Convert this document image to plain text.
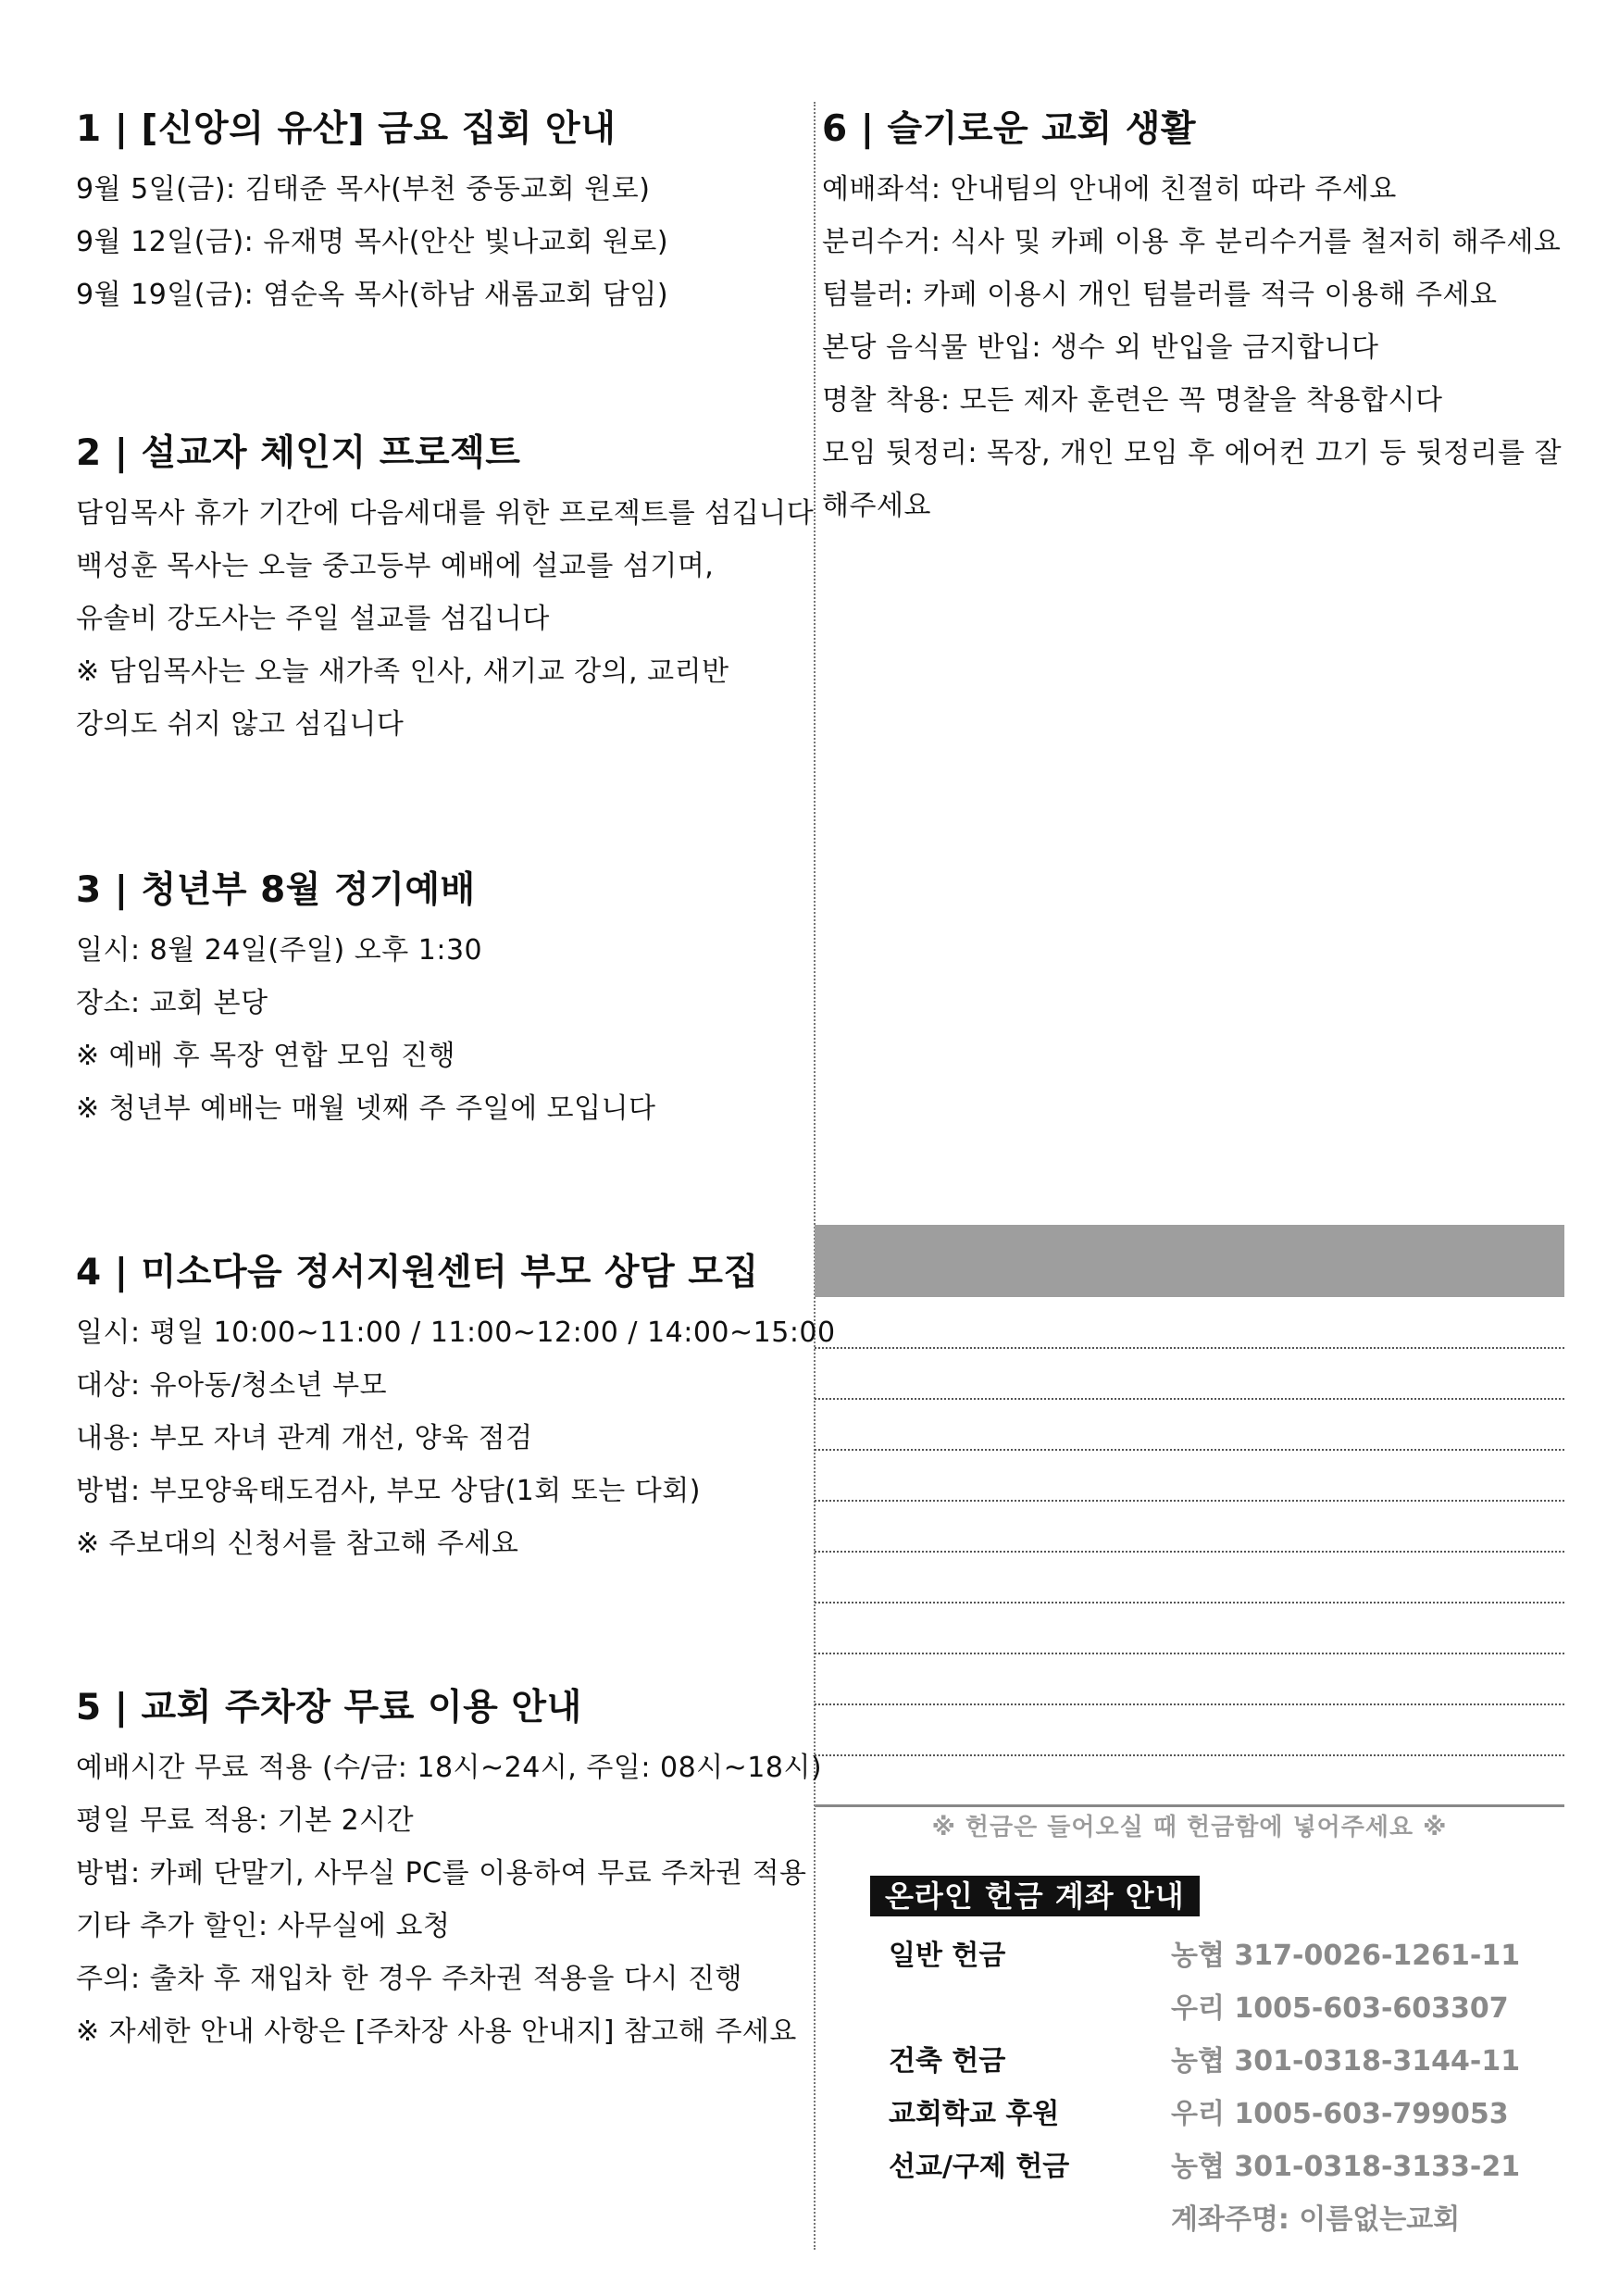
1 | [신앙의 유산] 금요 집회 안내
9월 5일(금): 김태준 목사(부천 중동교회 원로)
9월 12일(금): 유재명 목사(안산 빛나교회 원로)
9월 19일(금): 염순옥 목사(하남 새롬교회 담임)
2 | 설교자 체인지 프로젝트
담임목사 휴가 기간에 다음세대를 위한 프로젝트를 섬깁니다
백성훈 목사는 오늘 중고등부 예배에 설교를 섬기며,
유솔비 강도사는 주일 설교를 섬깁니다
※ 담임목사는 오늘 새가족 인사, 새기교 강의, 교리반
강의도 쉬지 않고 섬깁니다
3 | 청년부 8월 정기예배
일시: 8월 24일(주일) 오후 1:30
장소: 교회 본당
※ 예배 후 목장 연합 모임 진행
※ 청년부 예배는 매월 넷째 주 주일에 모입니다
4 | 미소다음 정서지원센터 부모 상담 모집
일시: 평일 10:00~11:00 / 11:00~12:00 / 14:00~15:00
대상: 유아동/청소년 부모
내용: 부모 자녀 관계 개선, 양육 점검
방법: 부모양육태도검사, 부모 상담(1회 또는 다회)
※ 주보대의 신청서를 참고해 주세요
5 | 교회 주차장 무료 이용 안내
예배시간 무료 적용 (수/금: 18시~24시, 주일: 08시~18시)
평일 무료 적용: 기본 2시간
방법: 카페 단말기, 사무실 PC를 이용하여 무료 주차권 적용
기타 추가 할인: 사무실에 요청
주의: 출차 후 재입차 한 경우 주차권 적용을 다시 진행
※ 자세한 안내 사항은 [주차장 사용 안내지] 참고해 주세요
6 | 슬기로운 교회 생활
예배좌석: 안내팀의 안내에 친절히 따라 주세요
분리수거: 식사 및 카페 이용 후 분리수거를 철저히 해주세요
텀블러: 카페 이용시 개인 텀블러를 적극 이용해 주세요
본당 음식물 반입: 생수 외 반입을 금지합니다
명찰 착용: 모든 제자 훈련은 꼭 명찰을 착용합시다
모임 뒷정리: 목장, 개인 모임 후 에어컨 끄기 등 뒷정리를 잘해주세요
※ 헌금은 들어오실 때 헌금함에 넣어주세요 ※
온라인 헌금 계좌 안내
일반 헌금	농협 317-0026-1261-11
우리 1005-603-603307
건축 헌금	농협 301-0318-3144-11
교회학교 후원	우리 1005-603-799053
선교/구제 헌금	농협 301-0318-3133-21
계좌주명: 이름없는교회
